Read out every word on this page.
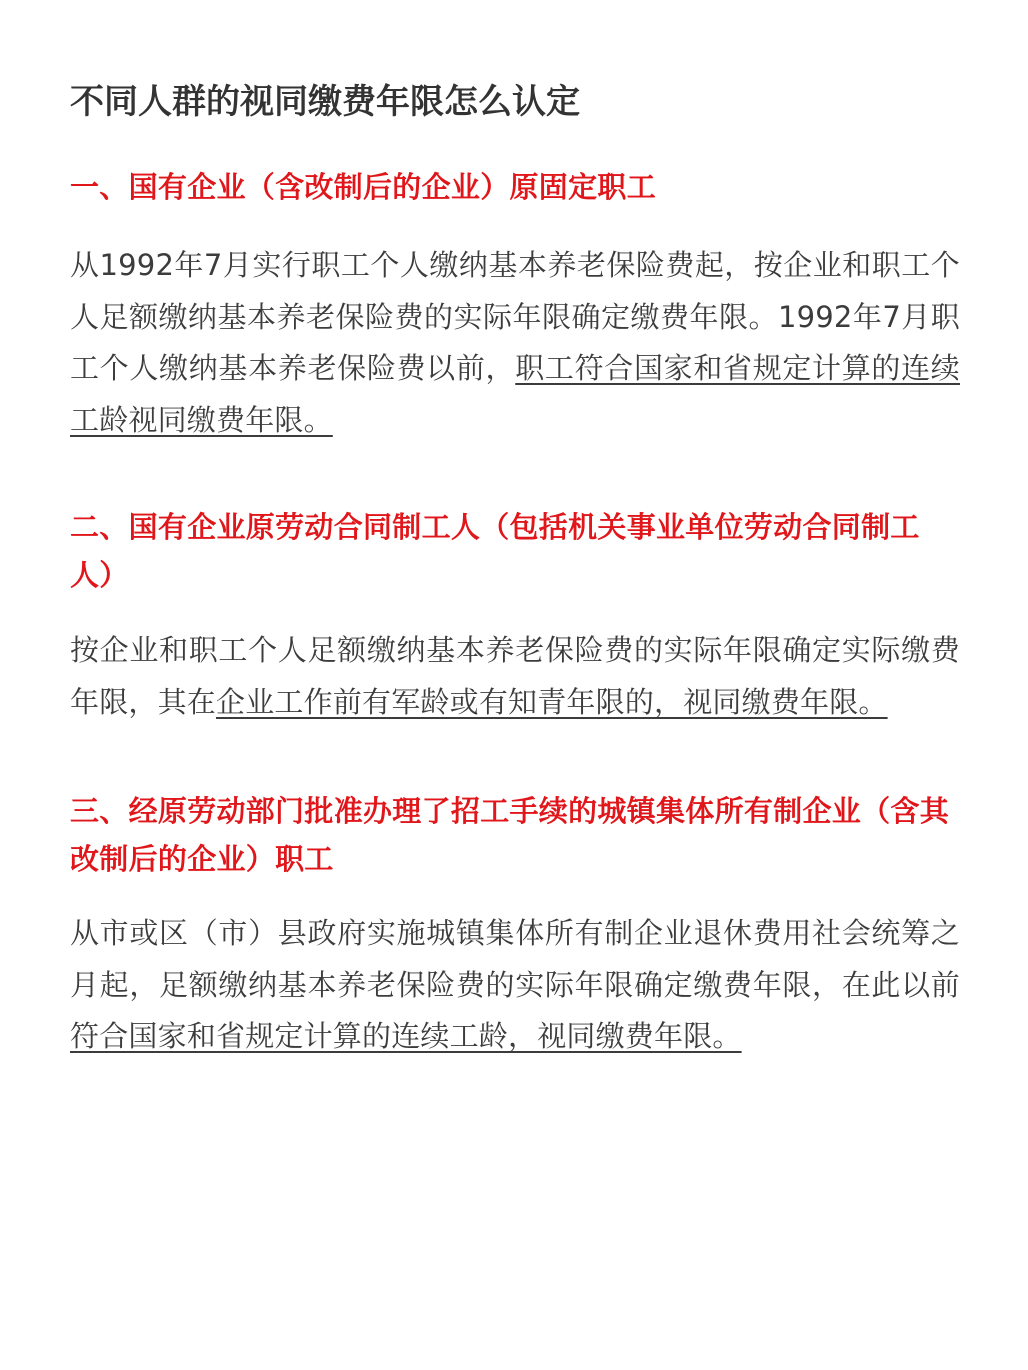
不同人群的视同缴费年限怎么认定
一、国有企业（含改制后的企业）原固定职工

从1992年7月实行职工个人缴纳基本养老保险费起，按企业和职工个人足额缴纳基本养老保险费的实际年限确定缴费年限。1992年7月职工个人缴纳基本养老保险费以前，职工符合国家和省规定计算的连续工龄视同缴费年限。

二、国有企业原劳动合同制工人（包括机关事业单位劳动合同制工人）

按企业和职工个人足额缴纳基本养老保险费的实际年限确定实际缴费年限，其在企业工作前有军龄或有知青年限的，视同缴费年限。

三、经原劳动部门批准办理了招工手续的城镇集体所有制企业（含其改制后的企业）职工

从市或区（市）县政府实施城镇集体所有制企业退休费用社会统筹之月起，足额缴纳基本养老保险费的实际年限确定缴费年限，在此以前符合国家和省规定计算的连续工龄，视同缴费年限。
